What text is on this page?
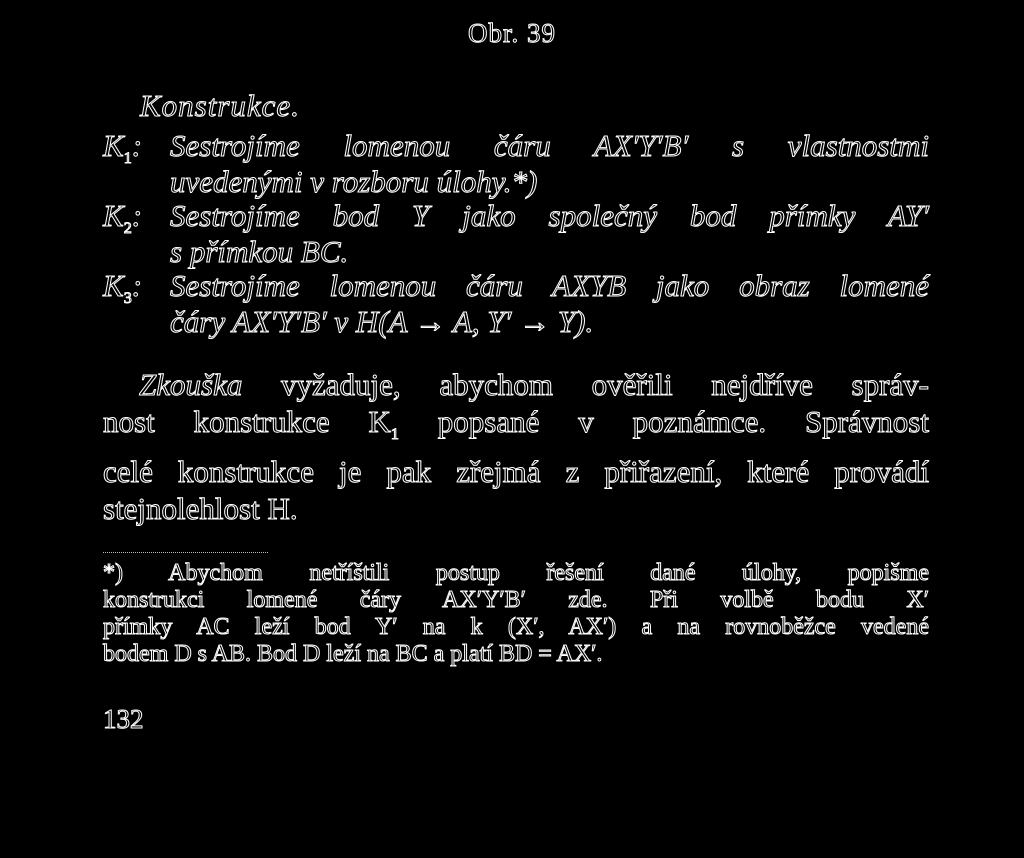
Obr. 39
Konstrukce.
$K_1$: Sestrojíme lomenou čáru AX′Y′B′ s vlastnostmi
uvedenými v rozboru úlohy.*)
$K_2$: Sestrojíme bod Y jako společný bod přímky AY′
s přímkou BC.
$K_3$: Sestrojíme lomenou čáru AXYB jako obraz lomené
čáry AX′Y′B′ v H(A → A, Y′ → Y).
Zkouška vyžaduje, abychom ověřili nejdříve správ-
nost konstrukce $K_1$ popsané v poznámce. Správnost
celé konstrukce je pak zřejmá z přiřazení, které provádí
stejnolehlost H.
*) Abychom netříštili postup řešení dané úlohy, popišme
konstrukci lomené čáry AX′Y′B′ zde. Při volbě bodu X′
přímky AC leží bod Y′ na k (X′, AX′) a na rovnoběžce vedené
bodem D s AB. Bod D leží na BC a platí BD = AX′.
132
